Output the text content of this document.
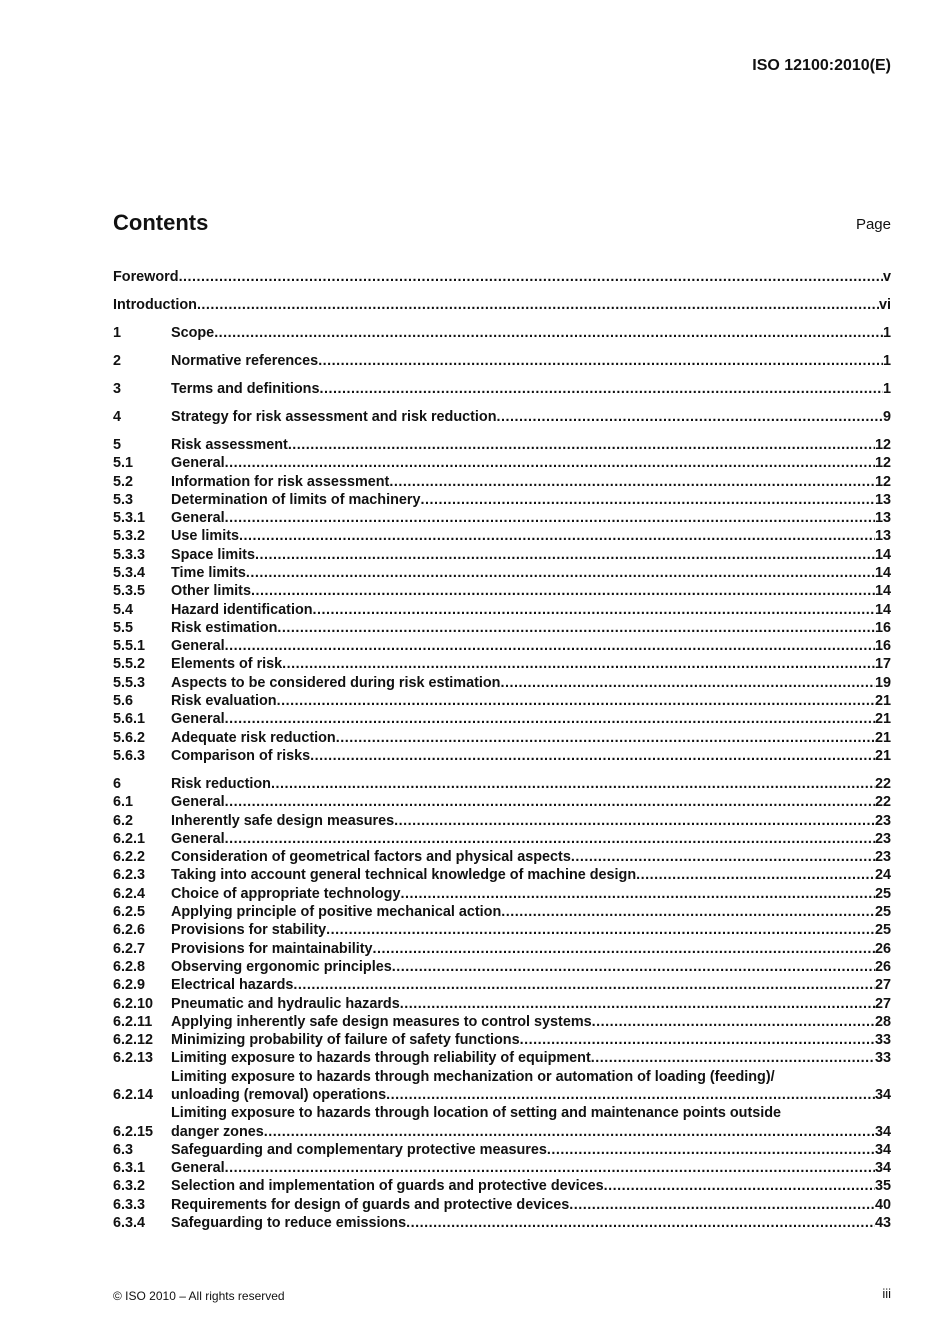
ISO 12100:2010(E)
Contents	Page
Foreword .....	v
Introduction .....	vi
1	Scope .....	1
2	Normative references .....	1
3	Terms and definitions .....	1
4	Strategy for risk assessment and risk reduction .....	9
5	Risk assessment .....	12
5.1	General .....	12
5.2	Information for risk assessment .....	12
5.3	Determination of limits of machinery .....	13
5.3.1	General .....	13
5.3.2	Use limits .....	13
5.3.3	Space limits .....	14
5.3.4	Time limits .....	14
5.3.5	Other limits .....	14
5.4	Hazard identification .....	14
5.5	Risk estimation .....	16
5.5.1	General .....	16
5.5.2	Elements of risk .....	17
5.5.3	Aspects to be considered during risk estimation .....	19
5.6	Risk evaluation .....	21
5.6.1	General .....	21
5.6.2	Adequate risk reduction .....	21
5.6.3	Comparison of risks .....	21
6	Risk reduction .....	22
6.1	General .....	22
6.2	Inherently safe design measures .....	23
6.2.1	General .....	23
6.2.2	Consideration of geometrical factors and physical aspects .....	23
6.2.3	Taking into account general technical knowledge of machine design .....	24
6.2.4	Choice of appropriate technology .....	25
6.2.5	Applying principle of positive mechanical action .....	25
6.2.6	Provisions for stability .....	25
6.2.7	Provisions for maintainability .....	26
6.2.8	Observing ergonomic principles .....	26
6.2.9	Electrical hazards .....	27
6.2.10	Pneumatic and hydraulic hazards .....	27
6.2.11	Applying inherently safe design measures to control systems .....	28
6.2.12	Minimizing probability of failure of safety functions .....	33
6.2.13	Limiting exposure to hazards through reliability of equipment .....	33
6.2.14
Limiting exposure to hazards through mechanization or automation of loading (feeding)/
unloading (removal) operations .....	34
6.2.15
Limiting exposure to hazards through location of setting and maintenance points outside
danger zones .....	34
6.3	Safeguarding and complementary protective measures .....	34
6.3.1	General .....	34
6.3.2	Selection and implementation of guards and protective devices .....	35
6.3.3	Requirements for design of guards and protective devices .....	40
6.3.4	Safeguarding to reduce emissions .....	43
© ISO 2010 – All rights reserved	iii
